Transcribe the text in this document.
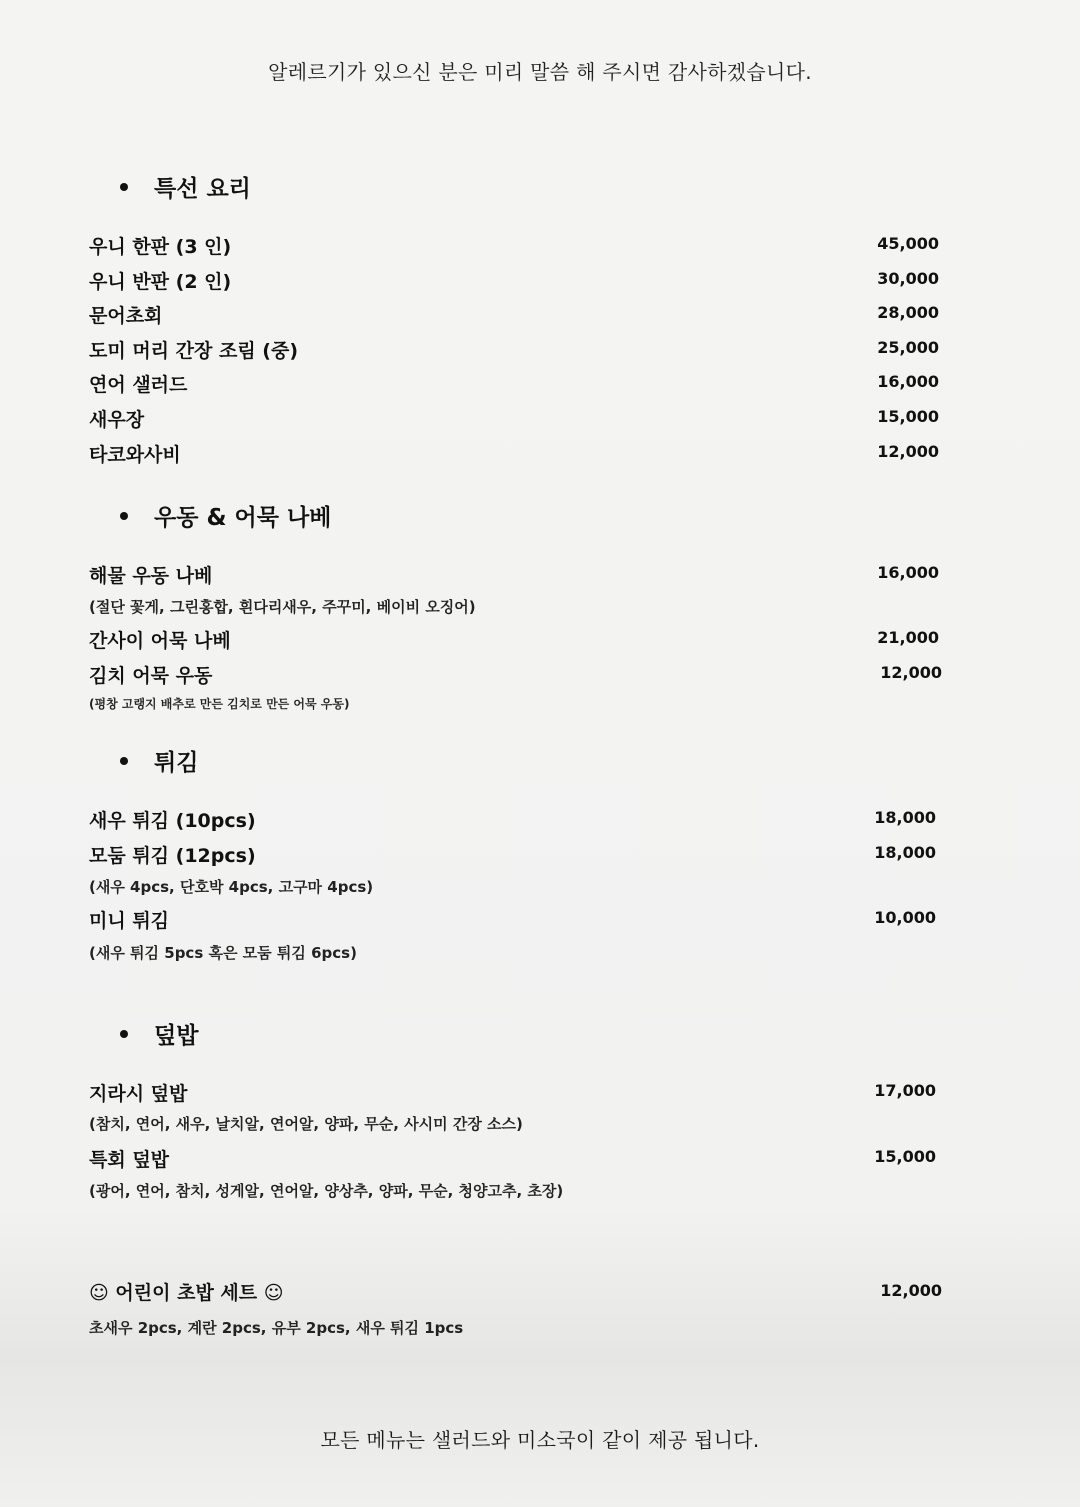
알레르기가 있으신 분은 미리 말씀 해 주시면 감사하겠습니다.
특선 요리
우니 한판 (3 인)	45,000
우니 반판 (2 인)	30,000
문어초회	28,000
도미 머리 간장 조림 (중)	25,000
연어 샐러드	16,000
새우장	15,000
타코와사비	12,000
우동 & 어묵 나베
해물 우동 나베	16,000
(절단 꽃게, 그린홍합, 흰다리새우, 주꾸미, 베이비 오징어)
간사이 어묵 나베	21,000
김치 어묵 우동	12,000
(평창 고랭지 배추로 만든 김치로 만든 어묵 우동)
튀김
새우 튀김 (10pcs)	18,000
모둠 튀김 (12pcs)	18,000
(새우 4pcs, 단호박 4pcs, 고구마 4pcs)
미니 튀김	10,000
(새우 튀김 5pcs 혹은 모둠 튀김 6pcs)
덮밥
지라시 덮밥	17,000
(참치, 연어, 새우, 날치알, 연어알, 양파, 무순, 사시미 간장 소스)
특회 덮밥	15,000
(광어, 연어, 참치, 성게알, 연어알, 양상추, 양파, 무순, 청양고추, 초장)
☺ 어린이 초밥 세트 ☺	12,000
초새우 2pcs, 계란 2pcs, 유부 2pcs, 새우 튀김 1pcs
모든 메뉴는 샐러드와 미소국이 같이 제공 됩니다.
